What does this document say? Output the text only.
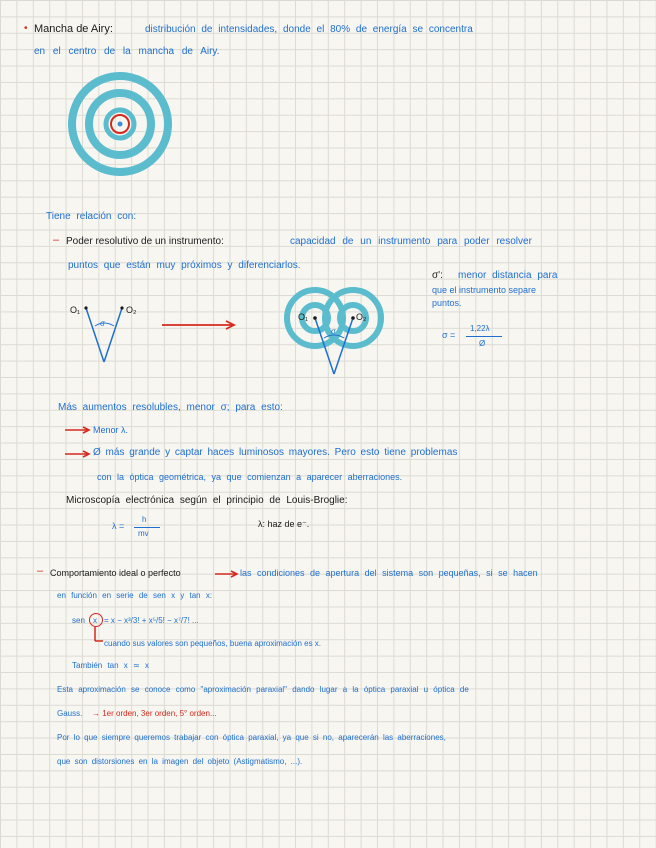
• Mancha de Airy:	distribución de intensidades, donde el 80% de energía se concentra
en el centro de la mancha de Airy.
Tiene relación con:
– Poder resolutivo de un instrumento:	capacidad de un instrumento para poder resolver
puntos que están muy próximos y diferenciarlos.
O₁	O₂
σ
O₁	O₂
σ
σ': menor distancia para
que el instrumento separe
puntos.
σ =
1,22λ
Ø
Más aumentos resolubles, menor σ; para esto:
Menor λ.
Ø más grande y captar haces luminosos mayores. Pero esto tiene problemas
con la óptica geométrica, ya que comienzan a aparecer aberraciones.
Microscopía electrónica según el principio de Louis-Broglie:
λ =
h
mv
λ: haz de e⁻.
– Comportamiento ideal o perfecto	las condiciones de apertura del sistema son pequeñas, si se hacen
en función en serie de sen x y tan x:
sen x = x − x³/3! + x⁵/5! − x⁷/7! ...
cuando sus valores son pequeños, buena aproximación es x.
También tan x ≃ x
Esta aproximación se conoce como "aproximación paraxial" dando lugar a la óptica paraxial u óptica de
Gauss. → 1er orden, 3er orden, 5° orden...
Por lo que siempre queremos trabajar con óptica paraxial, ya que si no, aparecerán las aberraciones,
que son distorsiones en la imagen del objeto (Astigmatismo, ...).
